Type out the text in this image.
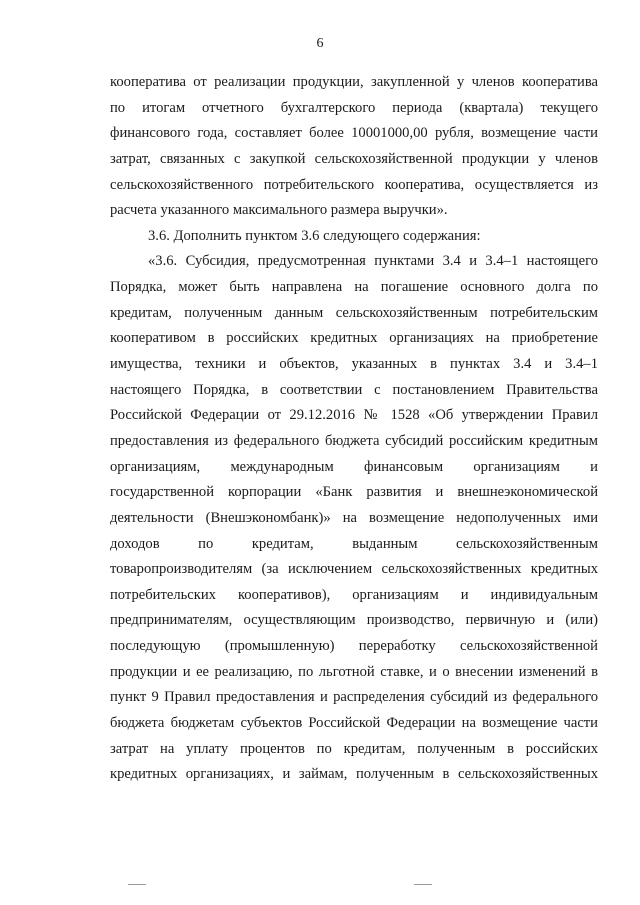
6
кооператива от реализации продукции, закупленной у членов кооператива
по итогам отчетного бухгалтерского периода (квартала) текущего
финансового года, составляет более 10001000,00 рубля, возмещение части
затрат, связанных с закупкой сельскохозяйственной продукции у членов
сельскохозяйственного потребительского кооператива, осуществляется из
расчета указанного максимального размера выручки».
3.6. Дополнить пунктом 3.6 следующего содержания:
«3.6. Субсидия, предусмотренная пунктами 3.4 и 3.4–1 настоящего
Порядка, может быть направлена на погашение основного долга по
кредитам, полученным данным сельскохозяйственным потребительским
кооперативом в российских кредитных организациях на приобретение
имущества, техники и объектов, указанных в пунктах 3.4 и 3.4–1
настоящего Порядка, в соответствии с постановлением Правительства
Российской Федерации от 29.12.2016 № 1528 «Об утверждении Правил
предоставления из федерального бюджета субсидий российским кредитным
организациям, международным финансовым организациям и
государственной корпорации «Банк развития и внешнеэкономической
деятельности (Внешэкономбанк)» на возмещение недополученных ими
доходов по кредитам, выданным сельскохозяйственным
товаропроизводителям (за исключением сельскохозяйственных кредитных
потребительских кооперативов), организациям и индивидуальным
предпринимателям, осуществляющим производство, первичную и (или)
последующую (промышленную) переработку сельскохозяйственной
продукции и ее реализацию, по льготной ставке, и о внесении изменений в
пункт 9 Правил предоставления и распределения субсидий из федерального
бюджета бюджетам субъектов Российской Федерации на возмещение части
затрат на уплату процентов по кредитам, полученным в российских
кредитных организациях, и займам, полученным в сельскохозяйственных
